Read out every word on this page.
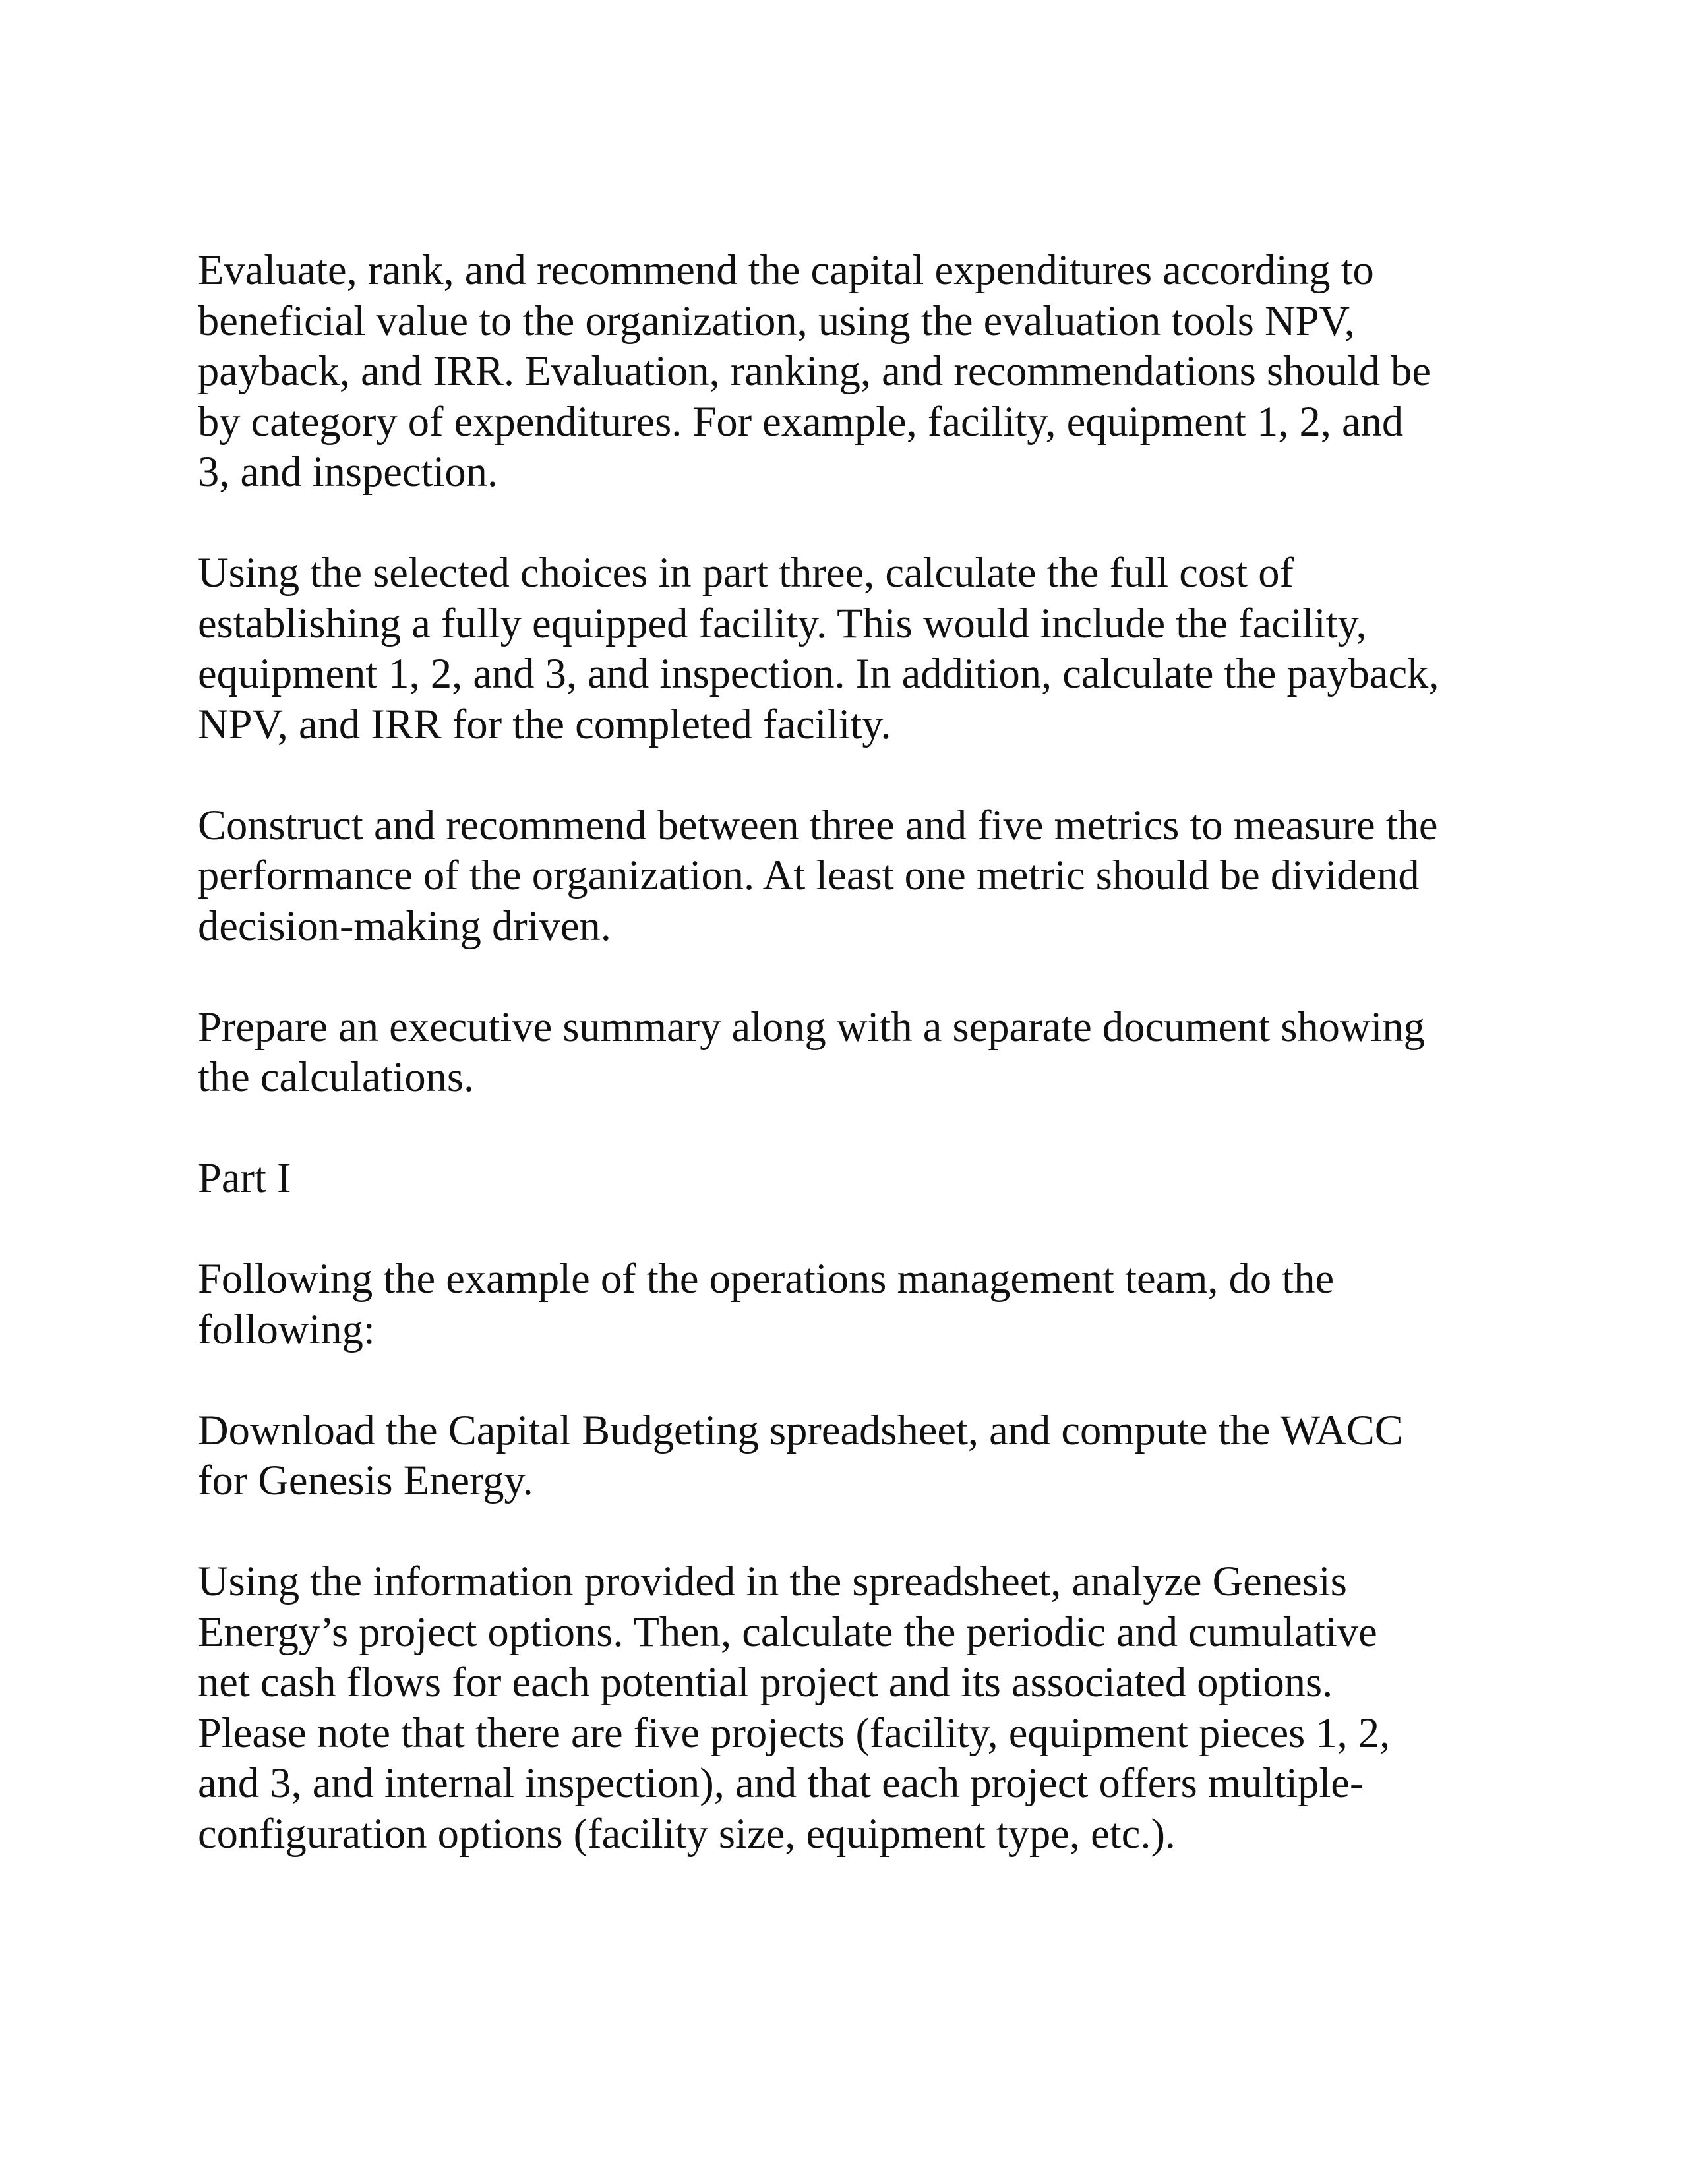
Evaluate, rank, and recommend the capital expenditures according to
beneficial value to the organization, using the evaluation tools NPV,
payback, and IRR. Evaluation, ranking, and recommendations should be
by category of expenditures. For example, facility, equipment 1, 2, and
3, and inspection.

Using the selected choices in part three, calculate the full cost of
establishing a fully equipped facility. This would include the facility,
equipment 1, 2, and 3, and inspection. In addition, calculate the payback,
NPV, and IRR for the completed facility.

Construct and recommend between three and five metrics to measure the
performance of the organization. At least one metric should be dividend
decision-making driven.

Prepare an executive summary along with a separate document showing
the calculations.

Part I

Following the example of the operations management team, do the
following:

Download the Capital Budgeting spreadsheet, and compute the WACC
for Genesis Energy.

Using the information provided in the spreadsheet, analyze Genesis
Energy’s project options. Then, calculate the periodic and cumulative
net cash flows for each potential project and its associated options.
Please note that there are five projects (facility, equipment pieces 1, 2,
and 3, and internal inspection), and that each project offers multiple-
configuration options (facility size, equipment type, etc.).
